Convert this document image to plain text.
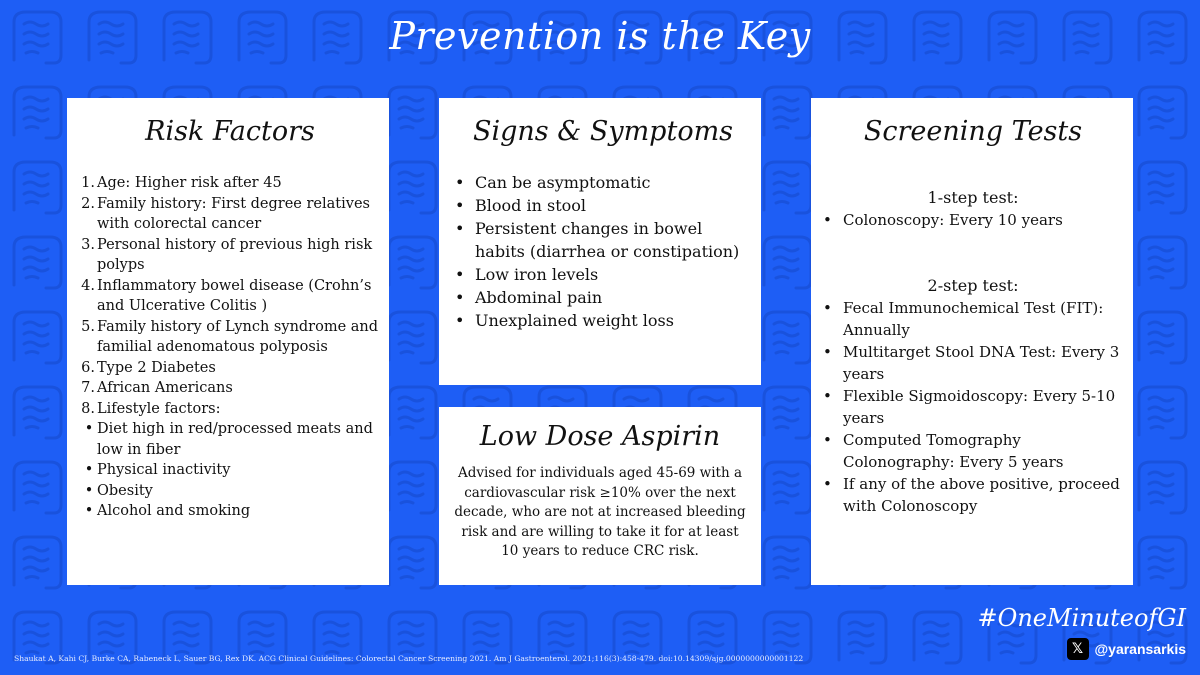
Prevention is the Key
Risk Factors
1. Age: Higher risk after 45
2. Family history: First degree relatives with colorectal cancer
3. Personal history of previous high risk polyps
4. Inflammatory bowel disease (Crohn’s and Ulcerative Colitis )
5. Family history of Lynch syndrome and familial adenomatous polyposis
6. Type 2 Diabetes
7. African Americans
8. Lifestyle factors:
• Diet high in red/processed meats and low in fiber
• Physical inactivity
• Obesity
• Alcohol and smoking
Signs & Symptoms
• Can be asymptomatic
• Blood in stool
• Persistent changes in bowel habits (diarrhea or constipation)
• Low iron levels
• Abdominal pain
• Unexplained weight loss
Low Dose Aspirin
Advised for individuals aged 45-69 with a cardiovascular risk ≥10% over the next decade, who are not at increased bleeding risk and are willing to take it for at least 10 years to reduce CRC risk.
Screening Tests
1-step test:
• Colonoscopy: Every 10 years
2-step test:
• Fecal Immunochemical Test (FIT): Annually
• Multitarget Stool DNA Test: Every 3 years
• Flexible Sigmoidoscopy: Every 5-10 years
• Computed Tomography Colonography: Every 5 years
• If any of the above positive, proceed with Colonoscopy
#OneMinuteofGI
𝕏 @yaransarkis
Shaukat A, Kahi CJ, Burke CA, Rabeneck L, Sauer BG, Rex DK. ACG Clinical Guidelines: Colorectal Cancer Screening 2021. Am J Gastroenterol. 2021;116(3):458-479. doi:10.14309/ajg.0000000000001122
